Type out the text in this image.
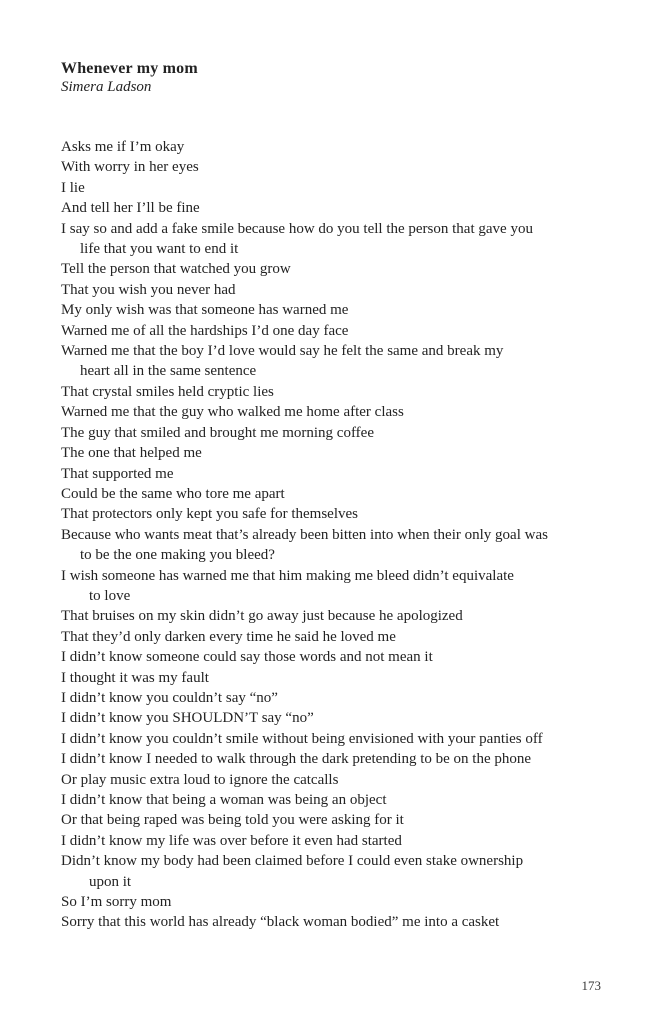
Whenever my mom
Simera Ladson
Asks me if I’m okay
With worry in her eyes
I lie
And tell her I’ll be fine
I say so and add a fake smile because how do you tell the person that gave you
life that you want to end it
Tell the person that watched you grow
That you wish you never had
My only wish was that someone has warned me
Warned me of all the hardships I’d one day face
Warned me that the boy I’d love would say he felt the same and break my
heart all in the same sentence
That crystal smiles held cryptic lies
Warned me that the guy who walked me home after class
The guy that smiled and brought me morning coffee
The one that helped me
That supported me
Could be the same who tore me apart
That protectors only kept you safe for themselves
Because who wants meat that’s already been bitten into when their only goal was
to be the one making you bleed?
I wish someone has warned me that him making me bleed didn’t equivalate
to love
That bruises on my skin didn’t go away just because he apologized
That they’d only darken every time he said he loved me
I didn’t know someone could say those words and not mean it
I thought it was my fault
I didn’t know you couldn’t say “no”
I didn’t know you SHOULDN’T say “no”
I didn’t know you couldn’t smile without being envisioned with your panties off
I didn’t know I needed to walk through the dark pretending to be on the phone
Or play music extra loud to ignore the catcalls
I didn’t know that being a woman was being an object
Or that being raped was being told you were asking for it
I didn’t know my life was over before it even had started
Didn’t know my body had been claimed before I could even stake ownership
upon it
So I’m sorry mom
Sorry that this world has already “black woman bodied” me into a casket
173
